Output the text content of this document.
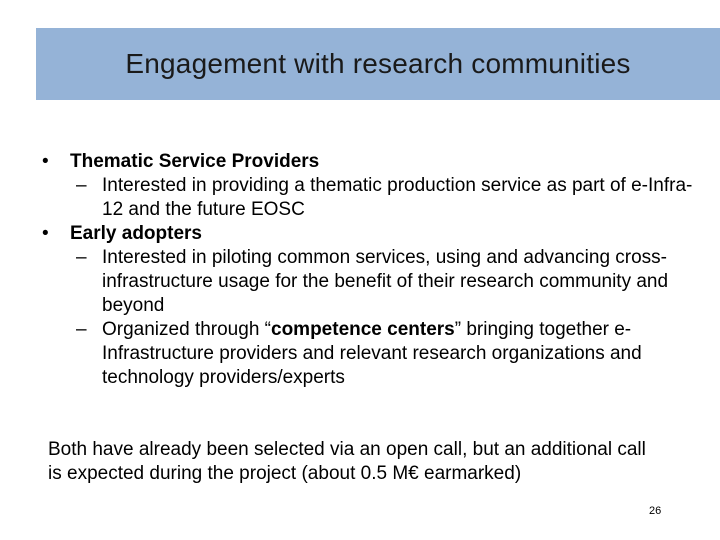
Engagement with research communities
• Thematic Service Providers
– Interested in providing a thematic production service as part of e-Infra-12 and the future EOSC
• Early adopters
– Interested in piloting common services, using and advancing cross-infrastructure usage for the benefit of their research community and beyond
– Organized through “competence centers” bringing together e-Infrastructure providers and relevant research organizations and technology providers/experts
Both have already been selected via an open call, but an additional call is expected during the project (about 0.5 M€ earmarked)
26
